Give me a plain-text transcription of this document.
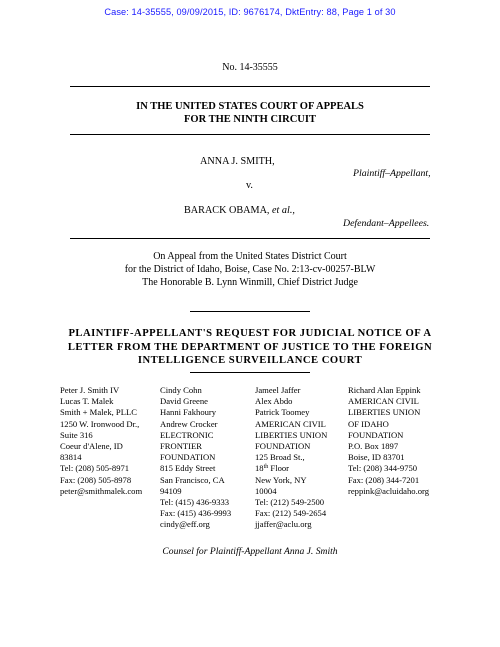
Case: 14-35555, 09/09/2015, ID: 9676174, DktEntry: 88, Page 1 of 30
No. 14-35555
IN THE UNITED STATES COURT OF APPEALS
FOR THE NINTH CIRCUIT
ANNA J. SMITH,
Plaintiff–Appellant,
v.
BARACK OBAMA, et al.,
Defendant–Appellees.
On Appeal from the United States District Court
for the District of Idaho, Boise, Case No. 2:13-cv-00257-BLW
The Honorable B. Lynn Winmill, Chief District Judge
PLAINTIFF-APPELLANT'S REQUEST FOR JUDICIAL NOTICE OF A
LETTER FROM THE DEPARTMENT OF JUSTICE TO THE FOREIGN
INTELLIGENCE SURVEILLANCE COURT
Peter J. Smith IV
Lucas T. Malek
Smith + Malek, PLLC
1250 W. Ironwood Dr.,
Suite 316
Coeur d'Alene, ID
83814
Tel: (208) 505-8971
Fax: (208) 505-8978
peter@smithmalek.com
Cindy Cohn
David Greene
Hanni Fakhoury
Andrew Crocker
ELECTRONIC
FRONTIER
FOUNDATION
815 Eddy Street
San Francisco, CA
94109
Tel: (415) 436-9333
Fax: (415) 436-9993
cindy@eff.org
Jameel Jaffer
Alex Abdo
Patrick Toomey
AMERICAN CIVIL
LIBERTIES UNION
FOUNDATION
125 Broad St.,
18th Floor
New York, NY
10004
Tel: (212) 549-2500
Fax: (212) 549-2654
jjaffer@aclu.org
Richard Alan Eppink
AMERICAN CIVIL
LIBERTIES UNION
OF IDAHO
FOUNDATION
P.O. Box 1897
Boise, ID 83701
Tel: (208) 344-9750
Fax: (208) 344-7201
reppink@acluidaho.org
Counsel for Plaintiff-Appellant Anna J. Smith
